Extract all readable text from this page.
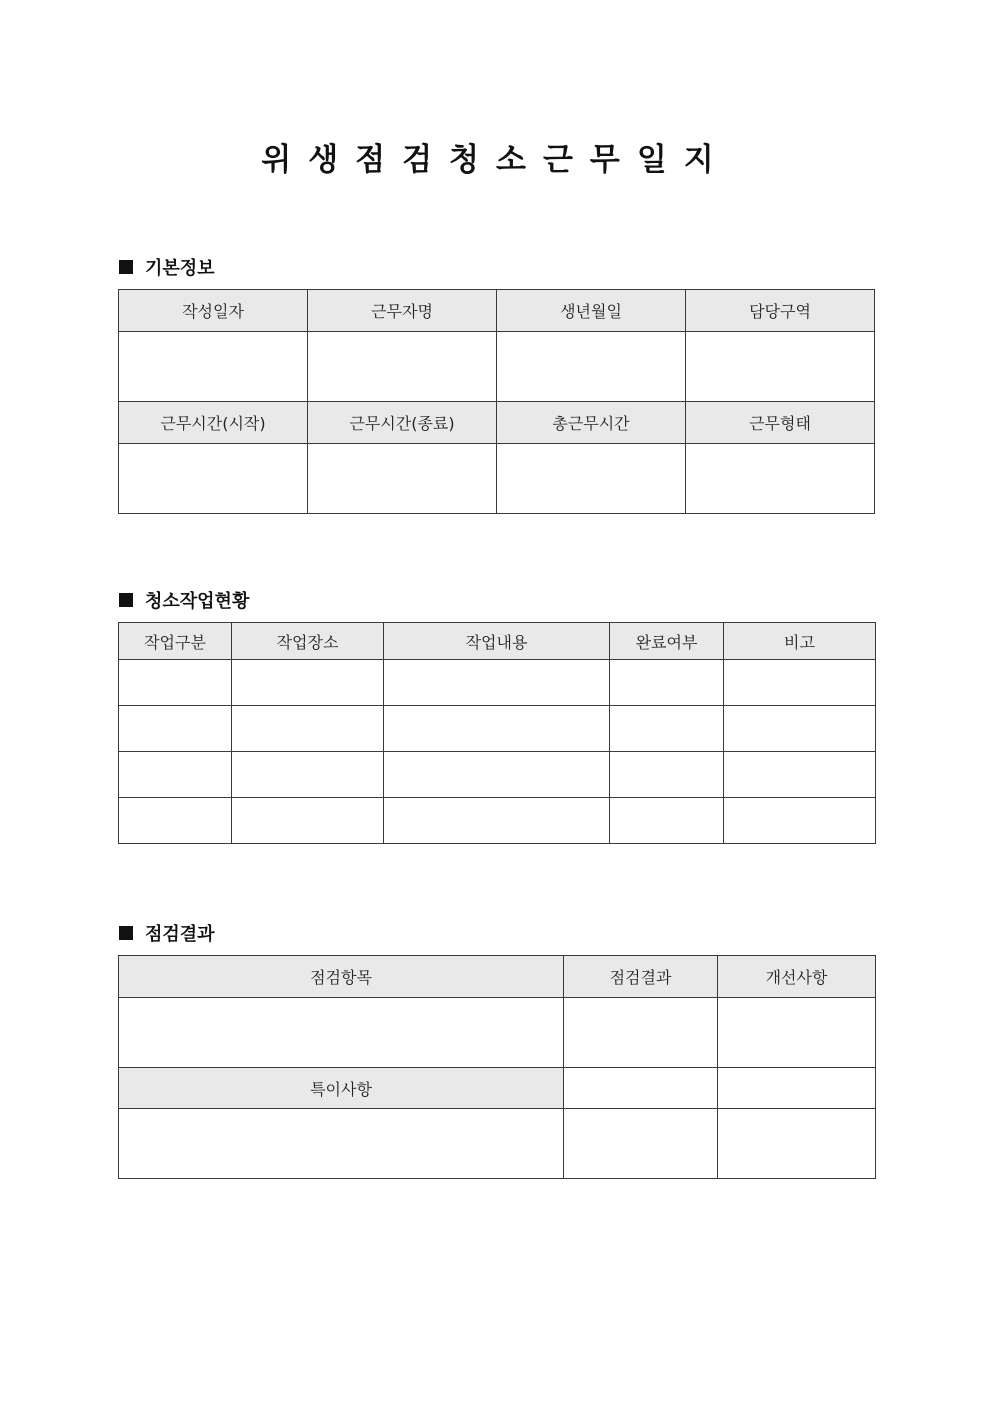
위생점검청소근무일지
기본정보
작성일자	근무자명	생년월일	담당구역

근무시간(시작)	근무시간(종료)	총근무시간	근무형태

청소작업현황
작업구분	작업장소	작업내용	완료여부	비고

점검결과
점검항목	점검결과	개선사항

특이사항		
